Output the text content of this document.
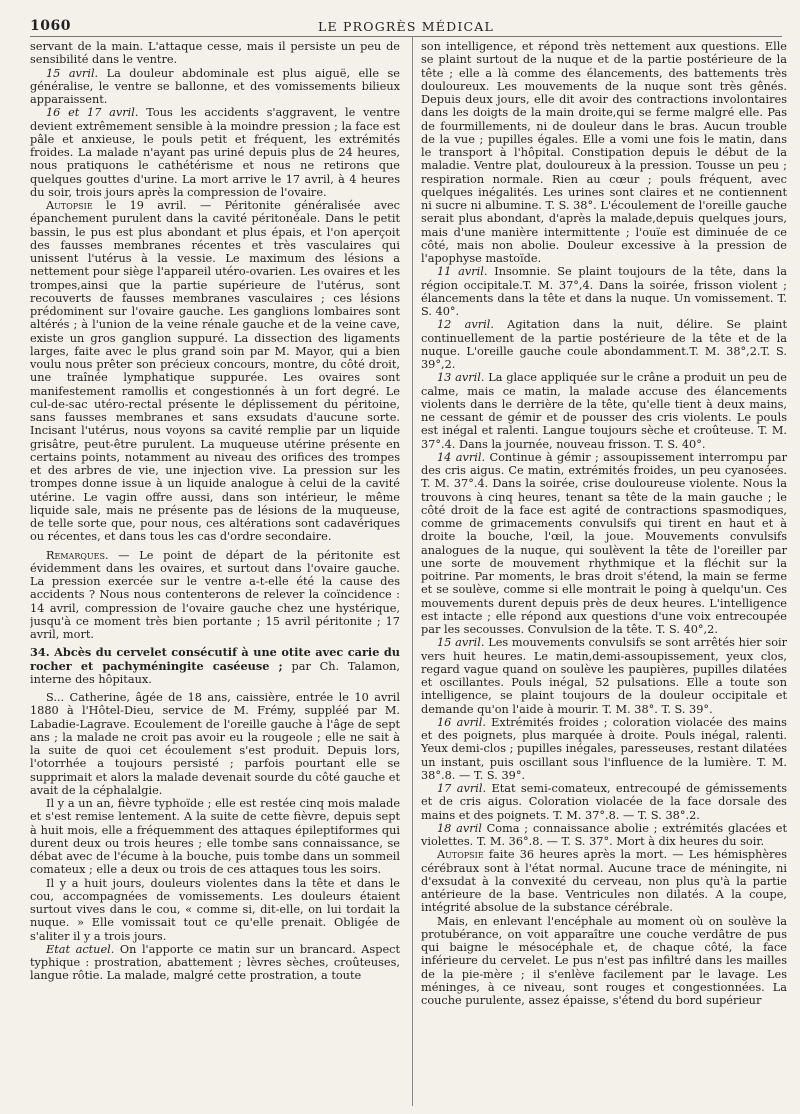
1060	LE PROGRÈS MÉDICAL

servant de la main. L'attaque cesse, mais il persiste un peu de sensibilité dans le ventre.

15 avril. La douleur abdominale est plus aiguë, elle se généralise, le ventre se ballonne, et des vomissements bilieux apparaissent.

16 et 17 avril. Tous les accidents s'aggravent, le ventre devient extrêmement sensible à la moindre pression ; la face est pâle et anxieuse, le pouls petit et fréquent, les extrémités froides. La malade n'ayant pas uriné depuis plus de 24 heures, nous pratiquons le cathétérisme et nous ne retirons que quelques gouttes d'urine. La mort arrive le 17 avril, à 4 heures du soir, trois jours après la compression de l'ovaire.

Autopsie le 19 avril. — Péritonite généralisée avec épanchement purulent dans la cavité péritonéale. Dans le petit bassin, le pus est plus abondant et plus épais, et l'on aperçoit des fausses membranes récentes et très vasculaires qui unissent l'utérus à la vessie. Le maximum des lésions a nettement pour siège l'appareil utéro-ovarien. Les ovaires et les trompes,ainsi que la partie supérieure de l'utérus, sont recouverts de fausses membranes vasculaires ; ces lésions prédominent sur l'ovaire gauche. Les ganglions lombaires sont altérés ; à l'union de la veine rénale gauche et de la veine cave, existe un gros ganglion suppuré. La dissection des ligaments larges, faite avec le plus grand soin par M. Mayor, qui a bien voulu nous prêter son précieux concours, montre, du côté droit, une traînée lymphatique suppurée. Les ovaires sont manifestement ramollis et congestionnés à un fort degré. Le cul-de-sac utéro-rectal présente le déplissement du péritoine, sans fausses membranes et sans exsudats d'aucune sorte. Incisant l'utérus, nous voyons sa cavité remplie par un liquide grisâtre, peut-être purulent. La muqueuse utérine présente en certains points, notamment au niveau des orifices des trompes et des arbres de vie, une injection vive. La pression sur les trompes donne issue à un liquide analogue à celui de la cavité utérine. Le vagin offre aussi, dans son intérieur, le même liquide sale, mais ne présente pas de lésions de la muqueuse, de telle sorte que, pour nous, ces altérations sont cadavériques ou récentes, et dans tous les cas d'ordre secondaire.

Remarques. — Le point de départ de la péritonite est évidemment dans les ovaires, et surtout dans l'ovaire gauche. La pression exercée sur le ventre a-t-elle été la cause des accidents ? Nous nous contenterons de relever la coïncidence : 14 avril, compression de l'ovaire gauche chez une hystérique, jusqu'à ce moment très bien portante ; 15 avril péritonite ; 17 avril, mort.

34. Abcès du cervelet consécutif à une otite avec carie du rocher et pachyméningite caséeuse ; par Ch. Talamon, interne des hôpitaux.

S... Catherine, âgée de 18 ans, caissière, entrée le 10 avril 1880 à l'Hôtel-Dieu, service de M. Frémy, suppléé par M. Labadie-Lagrave. Ecoulement de l'oreille gauche à l'âge de sept ans ; la malade ne croit pas avoir eu la rougeole ; elle ne sait à la suite de quoi cet écoulement s'est produit. Depuis lors, l'otorrhée a toujours persisté ; parfois pourtant elle se supprimait et alors la malade devenait sourde du côté gauche et avait de la céphalalgie.

Il y a un an, fièvre typhoïde ; elle est restée cinq mois malade et s'est remise lentement. A la suite de cette fièvre, depuis sept à huit mois, elle a fréquemment des attaques épileptiformes qui durent deux ou trois heures ; elle tombe sans connaissance, se débat avec de l'écume à la bouche, puis tombe dans un sommeil comateux ; elle a deux ou trois de ces attaques tous les soirs.

Il y a huit jours, douleurs violentes dans la tête et dans le cou, accompagnées de vomissements. Les douleurs étaient surtout vives dans le cou, « comme si, dit-elle, on lui tordait la nuque. » Elle vomissait tout ce qu'elle prenait. Obligée de s'aliter il y a trois jours.

Etat actuel. On l'apporte ce matin sur un brancard. Aspect typhique : prostration, abattement ; lèvres sèches, croûteuses, langue rôtie. La malade, malgré cette prostration, a toute

son intelligence, et répond très nettement aux questions. Elle se plaint surtout de la nuque et de la partie postérieure de la tête ; elle a là comme des élancements, des battements très douloureux. Les mouvements de la nuque sont très gênés. Depuis deux jours, elle dit avoir des contractions involontaires dans les doigts de la main droite,qui se ferme malgré elle. Pas de fourmillements, ni de douleur dans le bras. Aucun trouble de la vue ; pupilles égales. Elle a vomi une fois le matin, dans le transport à l'hôpital. Constipation depuis le début de la maladie. Ventre plat, douloureux à la pression. Tousse un peu ; respiration normale. Rien au cœur ; pouls fréquent, avec quelques inégalités. Les urines sont claires et ne contiennent ni sucre ni albumine. T. S. 38°. L'écoulement de l'oreille gauche serait plus abondant, d'après la malade,depuis quelques jours, mais d'une manière intermittente ; l'ouïe est diminuée de ce côté, mais non abolie. Douleur excessive à la pression de l'apophyse mastoïde.

11 avril. Insomnie. Se plaint toujours de la tête, dans la région occipitale.T. M. 37°,4. Dans la soirée, frisson violent ; élancements dans la tête et dans la nuque. Un vomissement. T. S. 40°.

12 avril. Agitation dans la nuit, délire. Se plaint continuellement de la partie postérieure de la tête et de la nuque. L'oreille gauche coule abondamment.T. M. 38°,2.T. S. 39°,2.

13 avril. La glace appliquée sur le crâne a produit un peu de calme, mais ce matin, la malade accuse des élancements violents dans le derrière de la tête, qu'elle tient à deux mains, ne cessant de gémir et de pousser des cris violents. Le pouls est inégal et ralenti. Langue toujours sèche et croûteuse. T. M. 37°.4. Dans la journée, nouveau frisson. T. S. 40°.

14 avril. Continue à gémir ; assoupissement interrompu par des cris aigus. Ce matin, extrémités froides, un peu cyanosées. T. M. 37°.4. Dans la soirée, crise douloureuse violente. Nous la trouvons à cinq heures, tenant sa tête de la main gauche ; le côté droit de la face est agité de contractions spasmodiques, comme de grimacements convulsifs qui tirent en haut et à droite la bouche, l'œil, la joue. Mouvements convulsifs analogues de la nuque, qui soulèvent la tête de l'oreiller par une sorte de mouvement rhythmique et la fléchit sur la poitrine. Par moments, le bras droit s'étend, la main se ferme et se soulève, comme si elle montrait le poing à quelqu'un. Ces mouvements durent depuis près de deux heures. L'intelligence est intacte ; elle répond aux questions d'une voix entrecoupée par les secousses. Convulsion de la tête. T. S. 40°,2.

15 avril. Les mouvements convulsifs se sont arrêtés hier soir vers huit heures. Le matin,demi-assoupissement, yeux clos, regard vague quand on soulève les paupières, pupilles dilatées et oscillantes. Pouls inégal, 52 pulsations. Elle a toute son intelligence, se plaint toujours de la douleur occipitale et demande qu'on l'aide à mourir. T. M. 38°. T. S. 39°.

16 avril. Extrémités froides ; coloration violacée des mains et des poignets, plus marquée à droite. Pouls inégal, ralenti. Yeux demi-clos ; pupilles inégales, paresseuses, restant dilatées un instant, puis oscillant sous l'influence de la lumière. T. M. 38°.8. — T. S. 39°.

17 avril. Etat semi-comateux, entrecoupé de gémissements et de cris aigus. Coloration violacée de la face dorsale des mains et des poignets. T. M. 37°.8. — T. S. 38°.2.

18 avril Coma ; connaissance abolie ; extrémités glacées et violettes. T. M. 36°.8. — T. S. 37°. Mort à dix heures du soir.

Autopsie faite 36 heures après la mort. — Les hémisphères cérébraux sont à l'état normal. Aucune trace de méningite, ni d'exsudat à la convexité du cerveau, non plus qu'à la partie antérieure de la base. Ventricules non dilatés. A la coupe, intégrité absolue de la substance cérébrale.

Mais, en enlevant l'encéphale au moment où on soulève la protubérance, on voit apparaître une couche verdâtre de pus qui baigne le mésocéphale et, de chaque côté, la face inférieure du cervelet. Le pus n'est pas infiltré dans les mailles de la pie-mère ; il s'enlève facilement par le lavage. Les méninges, à ce niveau, sont rouges et congestionnées. La couche purulente, assez épaisse, s'étend du bord supérieur
